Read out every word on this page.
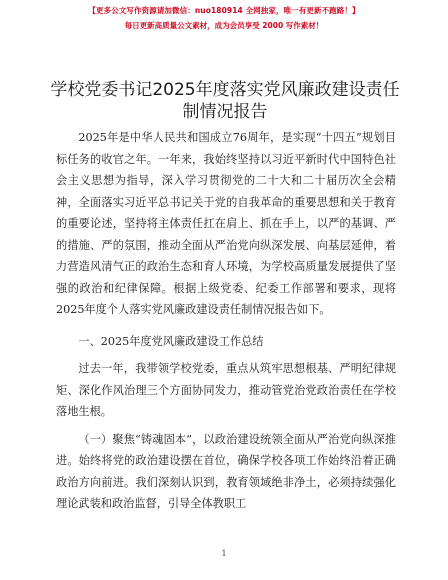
【更多公文写作资源请加微信：nuo180914 全网独家，唯一有更新不跑路！】
每日更新高质量公文素材，成为会员享受 2000 写作素材！
学校党委书记2025年度落实党风廉政建设责任制情况报告

2025年是中华人民共和国成立76周年，是实现“十四五”规划目标任务的收官之年。一年来，我始终坚持以习近平新时代中国特色社会主义思想为指导，深入学习贯彻党的二十大和二十届历次全会精神，全面落实习近平总书记关于党的自我革命的重要思想和关于教育的重要论述，坚持将主体责任扛在肩上、抓在手上，以严的基调、严的措施、严的氛围，推动全面从严治党向纵深发展、向基层延伸，着力营造风清气正的政治生态和育人环境，为学校高质量发展提供了坚强的政治和纪律保障。根据上级党委、纪委工作部署和要求，现将2025年度个人落实党风廉政建设责任制情况报告如下。

一、2025年度党风廉政建设工作总结

过去一年，我带领学校党委，重点从筑牢思想根基、严明纪律规矩、深化作风治理三个方面协同发力，推动管党治党政治责任在学校落地生根。

（一）聚焦“铸魂固本”，以政治建设统领全面从严治党向纵深推进。始终将党的政治建设摆在首位，确保学校各项工作始终沿着正确政治方向前进。我们深刻认识到，教育领域绝非净土，必须持续强化理论武装和政治监督，引导全体教职工

1
